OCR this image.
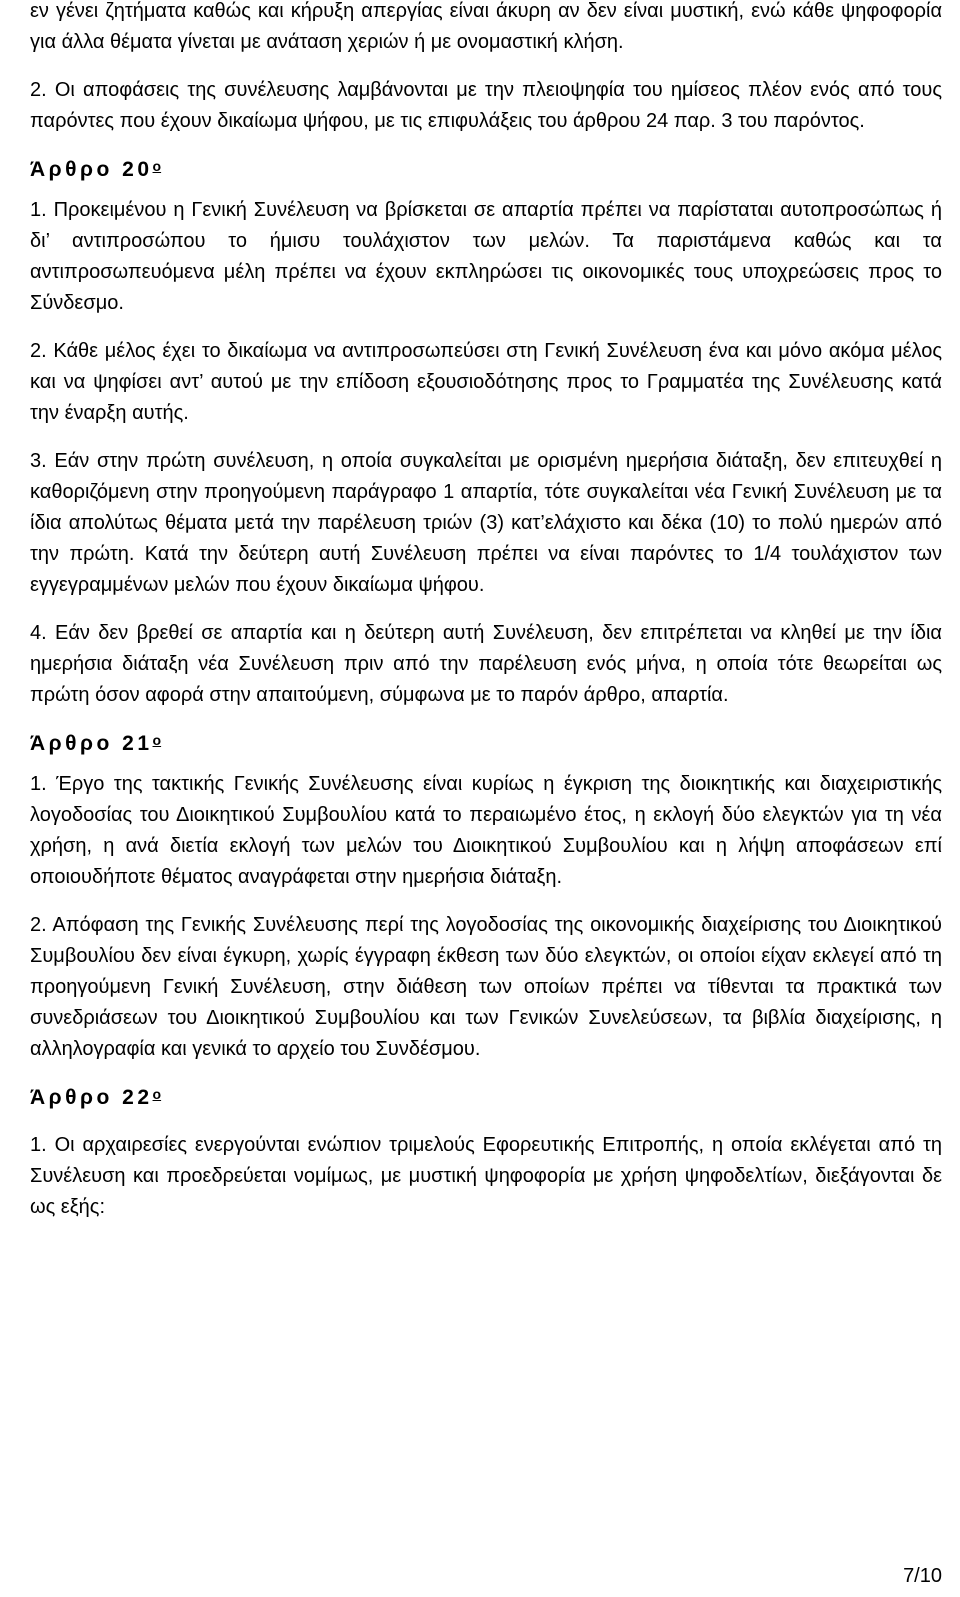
εν γένει ζητήματα καθώς και κήρυξη απεργίας είναι άκυρη αν δεν είναι μυστική, ενώ κάθε ψηφοφορία για άλλα θέματα γίνεται με ανάταση χεριών ή με ονομαστική κλήση.

2. Οι αποφάσεις της συνέλευσης λαμβάνονται με την πλειοψηφία του ημίσεος πλέον ενός από τους παρόντες που έχουν δικαίωμα ψήφου, με τις επιφυλάξεις του άρθρου 24 παρ. 3 του παρόντος.

Άρθρο $20^o$

1. Προκειμένου η Γενική Συνέλευση να βρίσκεται σε απαρτία πρέπει να παρίσταται αυτοπροσώπως ή δι’ αντιπροσώπου το ήμισυ τουλάχιστον των μελών. Τα παριστάμενα καθώς και τα αντιπροσωπευόμενα μέλη πρέπει να έχουν εκπληρώσει τις οικονομικές τους υποχρεώσεις προς το Σύνδεσμο.

2. Κάθε μέλος έχει το δικαίωμα να αντιπροσωπεύσει στη Γενική Συνέλευση ένα και μόνο ακόμα μέλος και να ψηφίσει αντ’ αυτού με την επίδοση εξουσιοδότησης προς το Γραμματέα της Συνέλευσης κατά την έναρξη αυτής.

3. Εάν στην πρώτη συνέλευση, η οποία συγκαλείται με ορισμένη ημερήσια διάταξη, δεν επιτευχθεί η καθοριζόμενη στην προηγούμενη παράγραφο 1 απαρτία, τότε συγκαλείται νέα Γενική Συνέλευση με τα ίδια απολύτως θέματα μετά την παρέλευση τριών (3) κατ’ελάχιστο και δέκα (10) το πολύ ημερών από την πρώτη. Κατά την δεύτερη αυτή Συνέλευση πρέπει να είναι παρόντες το 1/4 τουλάχιστον των εγγεγραμμένων μελών που έχουν δικαίωμα ψήφου.

4. Εάν δεν βρεθεί σε απαρτία και η δεύτερη αυτή Συνέλευση, δεν επιτρέπεται να κληθεί με την ίδια ημερήσια διάταξη νέα Συνέλευση πριν από την παρέλευση ενός μήνα, η οποία τότε θεωρείται ως πρώτη όσον αφορά στην απαιτούμενη, σύμφωνα με το παρόν άρθρο, απαρτία.

Άρθρο $21^o$

1. Έργο της τακτικής Γενικής Συνέλευσης είναι κυρίως η έγκριση της διοικητικής και διαχειριστικής λογοδοσίας του Διοικητικού Συμβουλίου κατά το περαιωμένο έτος, η εκλογή δύο ελεγκτών για τη νέα χρήση, η ανά διετία εκλογή των μελών του Διοικητικού Συμβουλίου και η λήψη αποφάσεων επί οποιουδήποτε θέματος αναγράφεται στην ημερήσια διάταξη.

2. Απόφαση της Γενικής Συνέλευσης περί της λογοδοσίας της οικονομικής διαχείρισης του Διοικητικού Συμβουλίου δεν είναι έγκυρη, χωρίς έγγραφη έκθεση των δύο ελεγκτών, οι οποίοι είχαν εκλεγεί από τη προηγούμενη Γενική Συνέλευση, στην διάθεση των οποίων πρέπει να τίθενται τα πρακτικά των συνεδριάσεων του Διοικητικού Συμβουλίου και των Γενικών Συνελεύσεων, τα βιβλία διαχείρισης, η αλληλογραφία και γενικά το αρχείο του Συνδέσμου.

Άρθρο $22^o$

1. Οι αρχαιρεσίες ενεργούνται ενώπιον τριμελούς Εφορευτικής Επιτροπής, η οποία εκλέγεται από τη Συνέλευση και προεδρεύεται νομίμως, με μυστική ψηφοφορία με χρήση ψηφοδελτίων, διεξάγονται δε ως εξής:

7/10
